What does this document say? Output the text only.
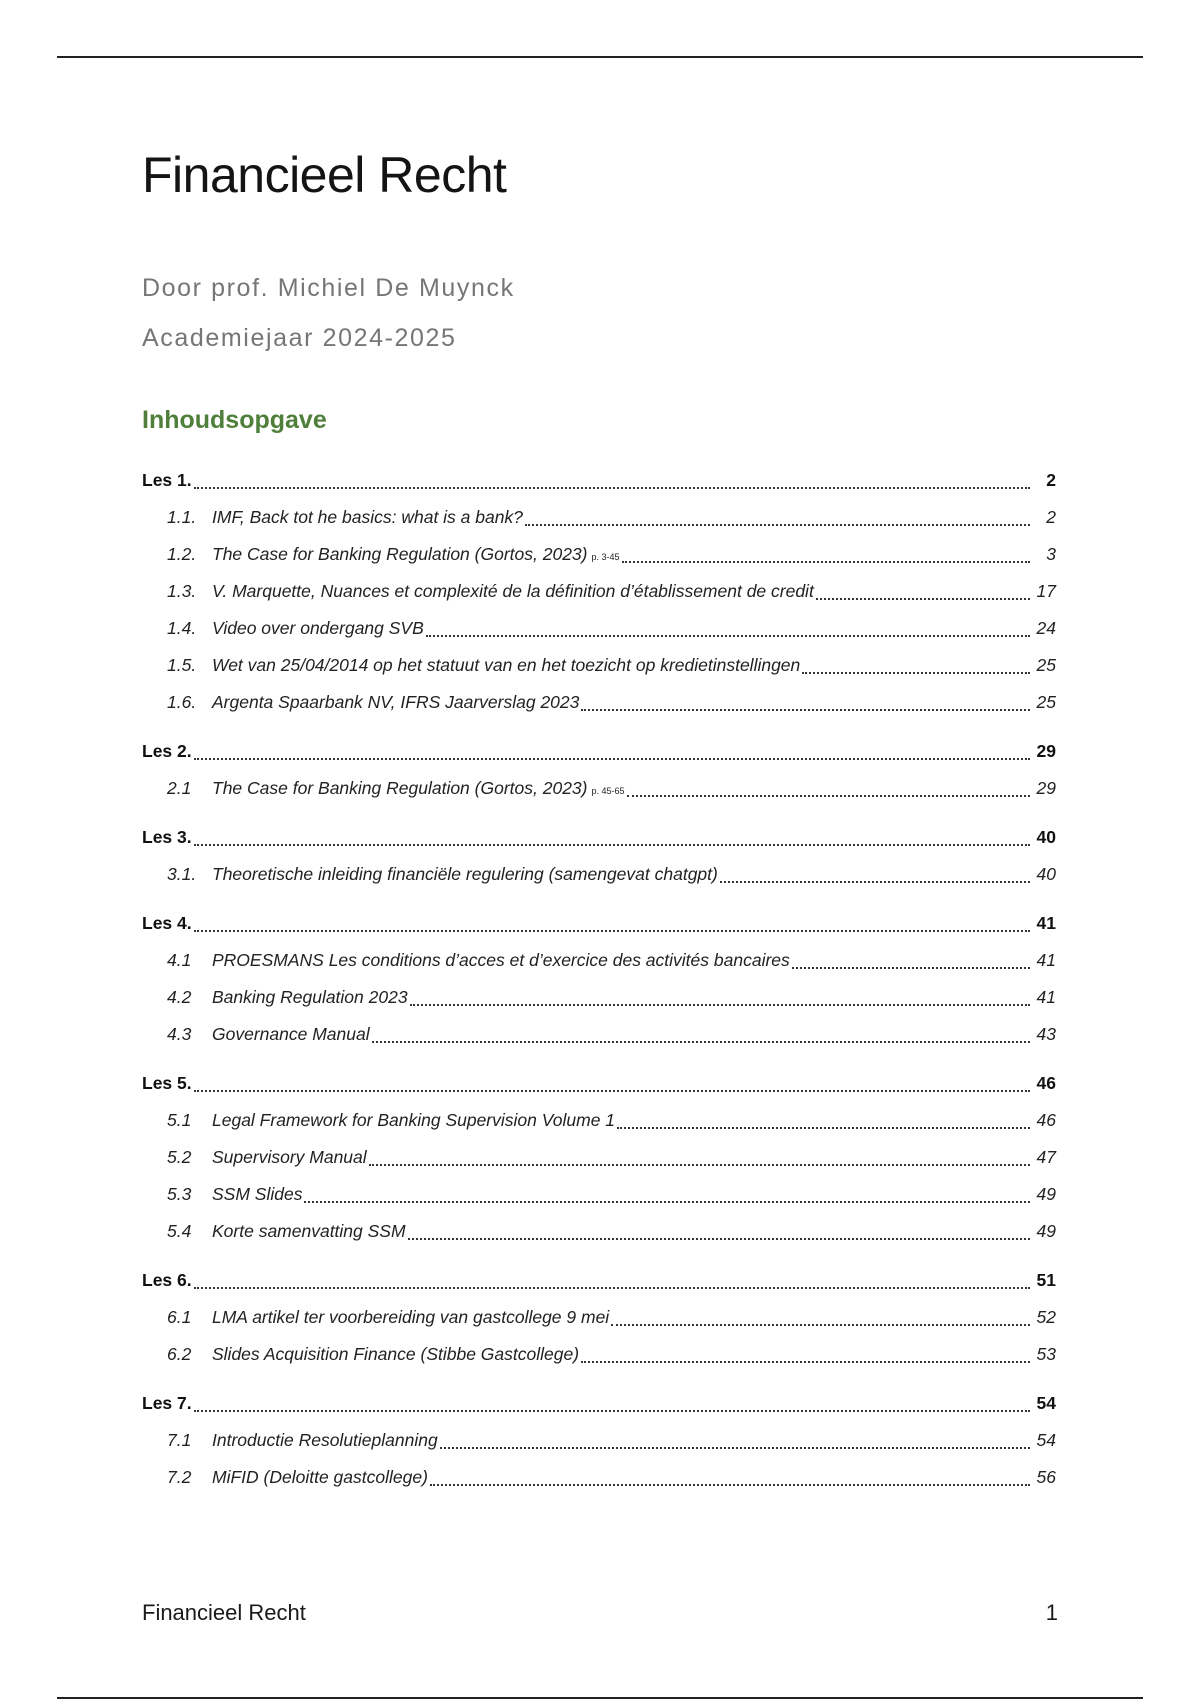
Financieel Recht
Door prof. Michiel De Muynck
Academiejaar 2024-2025
Inhoudsopgave
Les 1.	2
1.1. IMF, Back tot he basics: what is a bank?	2
1.2. The Case for Banking Regulation (Gortos, 2023) p. 3-45	3
1.3. V. Marquette, Nuances et complexité de la définition d’établissement de credit	17
1.4. Video over ondergang SVB	24
1.5. Wet van 25/04/2014 op het statuut van en het toezicht op kredietinstellingen	25
1.6. Argenta Spaarbank NV, IFRS Jaarverslag 2023	25
Les 2.	29
2.1	The Case for Banking Regulation (Gortos, 2023) p. 45-65	29
Les 3.	40
3.1. Theoretische inleiding financiële regulering (samengevat chatgpt)	40
Les 4.	41
4.1	PROESMANS Les conditions d’acces et d’exercice des activités bancaires	41
4.2	Banking Regulation 2023	41
4.3	Governance Manual	43
Les 5.	46
5.1	Legal Framework for Banking Supervision Volume 1	46
5.2	Supervisory Manual	47
5.3	SSM Slides	49
5.4	Korte samenvatting SSM	49
Les 6.	51
6.1	LMA artikel ter voorbereiding van gastcollege 9 mei	52
6.2	Slides Acquisition Finance (Stibbe Gastcollege)	53
Les 7.	54
7.1	Introductie Resolutieplanning	54
7.2	MiFID (Deloitte gastcollege)	56
Financieel Recht	1
